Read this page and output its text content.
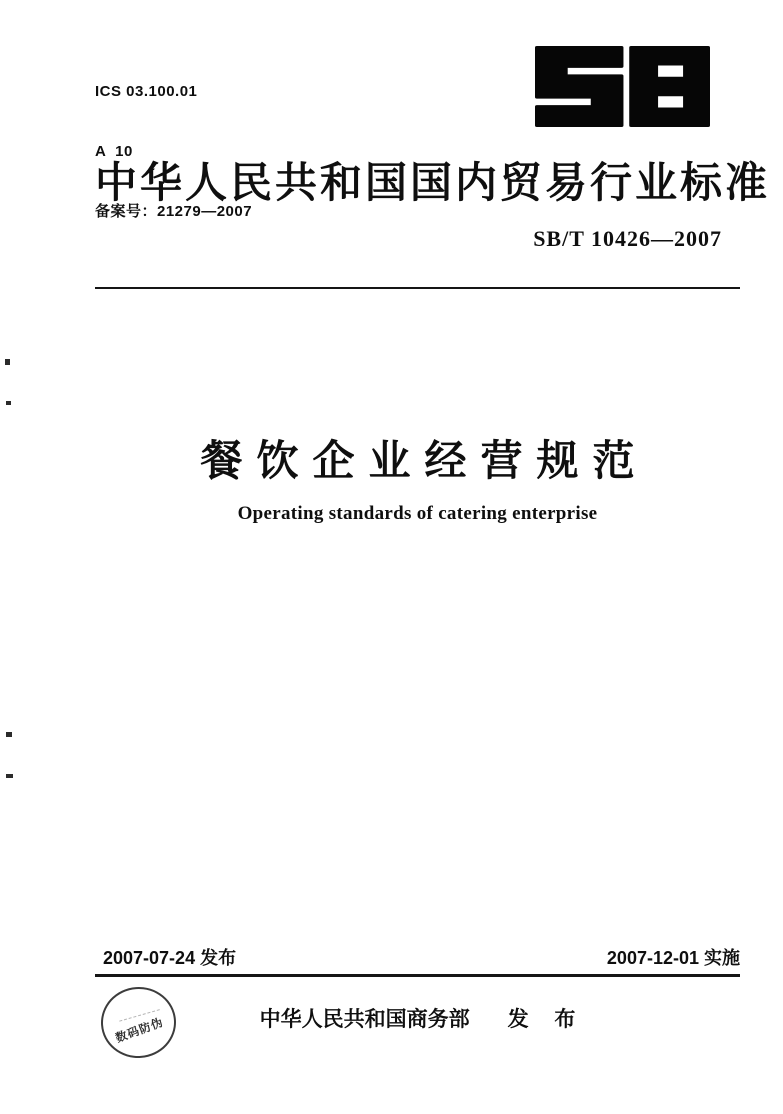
ICS 03.100.01

A  10

备案号：21279—2007

中华人民共和国国内贸易行业标准
SB/T 10426—2007
餐饮企业经营规范
Operating standards of catering enterprise
2007-07-24 发布	2007-12-01 实施
中华人民共和国商务部 发 布
数码防伪
